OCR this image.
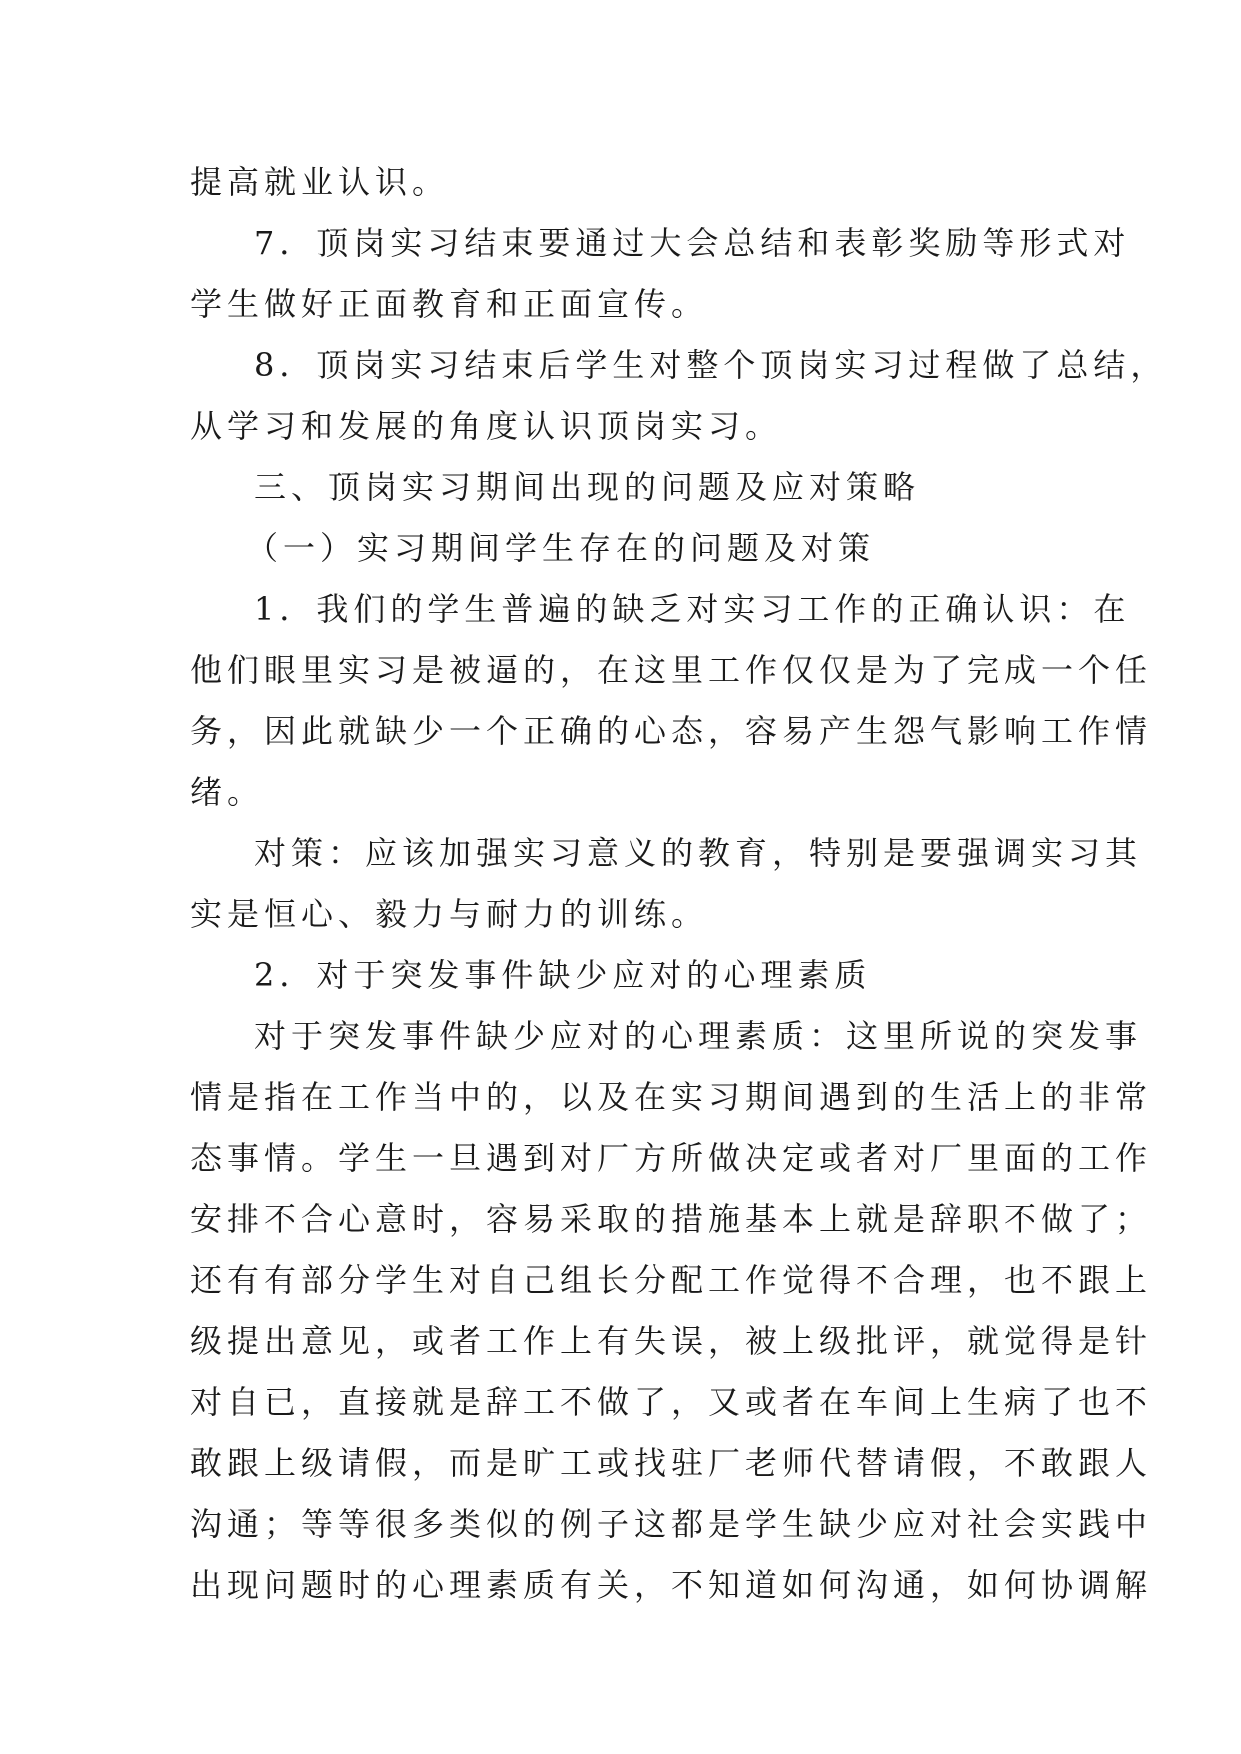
提高就业认识。
7．顶岗实习结束要通过大会总结和表彰奖励等形式对
学生做好正面教育和正面宣传。
8．顶岗实习结束后学生对整个顶岗实习过程做了总结，
从学习和发展的角度认识顶岗实习。
三、顶岗实习期间出现的问题及应对策略
（一）实习期间学生存在的问题及对策
1．我们的学生普遍的缺乏对实习工作的正确认识：在
他们眼里实习是被逼的，在这里工作仅仅是为了完成一个任
务，因此就缺少一个正确的心态，容易产生怨气影响工作情
绪。
对策：应该加强实习意义的教育，特别是要强调实习其
实是恒心、毅力与耐力的训练。
2．对于突发事件缺少应对的心理素质
对于突发事件缺少应对的心理素质：这里所说的突发事
情是指在工作当中的，以及在实习期间遇到的生活上的非常
态事情。学生一旦遇到对厂方所做决定或者对厂里面的工作
安排不合心意时，容易采取的措施基本上就是辞职不做了；
还有有部分学生对自己组长分配工作觉得不合理，也不跟上
级提出意见，或者工作上有失误，被上级批评，就觉得是针
对自已，直接就是辞工不做了，又或者在车间上生病了也不
敢跟上级请假，而是旷工或找驻厂老师代替请假，不敢跟人
沟通；等等很多类似的例子这都是学生缺少应对社会实践中
出现问题时的心理素质有关，不知道如何沟通，如何协调解
